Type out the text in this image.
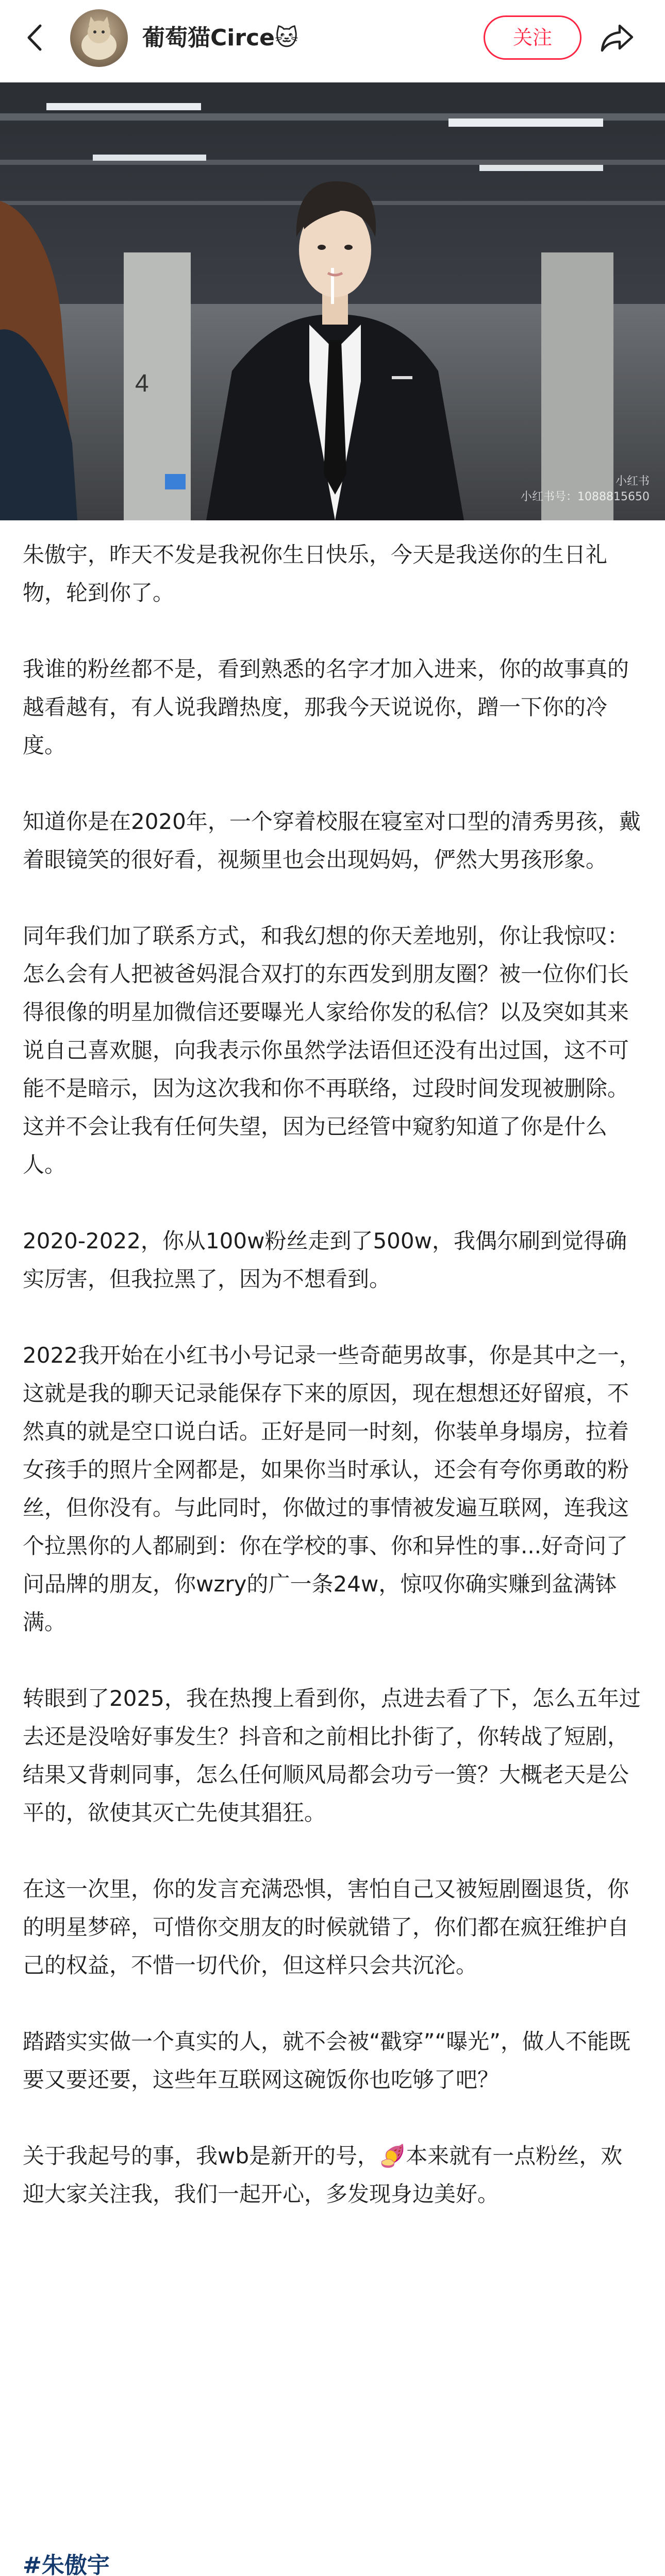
葡萄猫Circe🐱	关注
4
小红书
小红书号：1088815650

朱傲宇，昨天不发是我祝你生日快乐，今天是我送你的生日礼物，轮到你了。

我谁的粉丝都不是，看到熟悉的名字才加入进来，你的故事真的越看越有，有人说我蹭热度，那我今天说说你，蹭一下你的冷度。

知道你是在2020年，一个穿着校服在寝室对口型的清秀男孩，戴着眼镜笑的很好看，视频里也会出现妈妈，俨然大男孩形象。

同年我们加了联系方式，和我幻想的你天差地别，你让我惊叹：怎么会有人把被爸妈混合双打的东西发到朋友圈？被一位你们长得很像的明星加微信还要曝光人家给你发的私信？以及突如其来说自己喜欢腿，向我表示你虽然学法语但还没有出过国，这不可能不是暗示，因为这次我和你不再联络，过段时间发现被删除。这并不会让我有任何失望，因为已经管中窥豹知道了你是什么人。

2020-2022，你从100w粉丝走到了500w，我偶尔刷到觉得确实厉害，但我拉黑了，因为不想看到。

2022我开始在小红书小号记录一些奇葩男故事，你是其中之一，这就是我的聊天记录能保存下来的原因，现在想想还好留痕，不然真的就是空口说白话。正好是同一时刻，你装单身塌房，拉着女孩手的照片全网都是，如果你当时承认，还会有夸你勇敢的粉丝，但你没有。与此同时，你做过的事情被发遍互联网，连我这个拉黑你的人都刷到：你在学校的事、你和异性的事...好奇问了问品牌的朋友，你wzry的广一条24w，惊叹你确实赚到盆满钵满。

转眼到了2025，我在热搜上看到你，点进去看了下，怎么五年过去还是没啥好事发生？抖音和之前相比扑街了，你转战了短剧，结果又背刺同事，怎么任何顺风局都会功亏一篑？大概老天是公平的，欲使其灭亡先使其猖狂。

在这一次里，你的发言充满恐惧，害怕自己又被短剧圈退货，你的明星梦碎，可惜你交朋友的时候就错了，你们都在疯狂维护自己的权益，不惜一切代价，但这样只会共沉沦。

踏踏实实做一个真实的人，就不会被“戳穿”“曝光”，做人不能既要又要还要，这些年互联网这碗饭你也吃够了吧？

关于我起号的事，我wb是新开的号，🍠本来就有一点粉丝，欢迎大家关注我，我们一起开心，多发现身边美好。

#朱傲宇
